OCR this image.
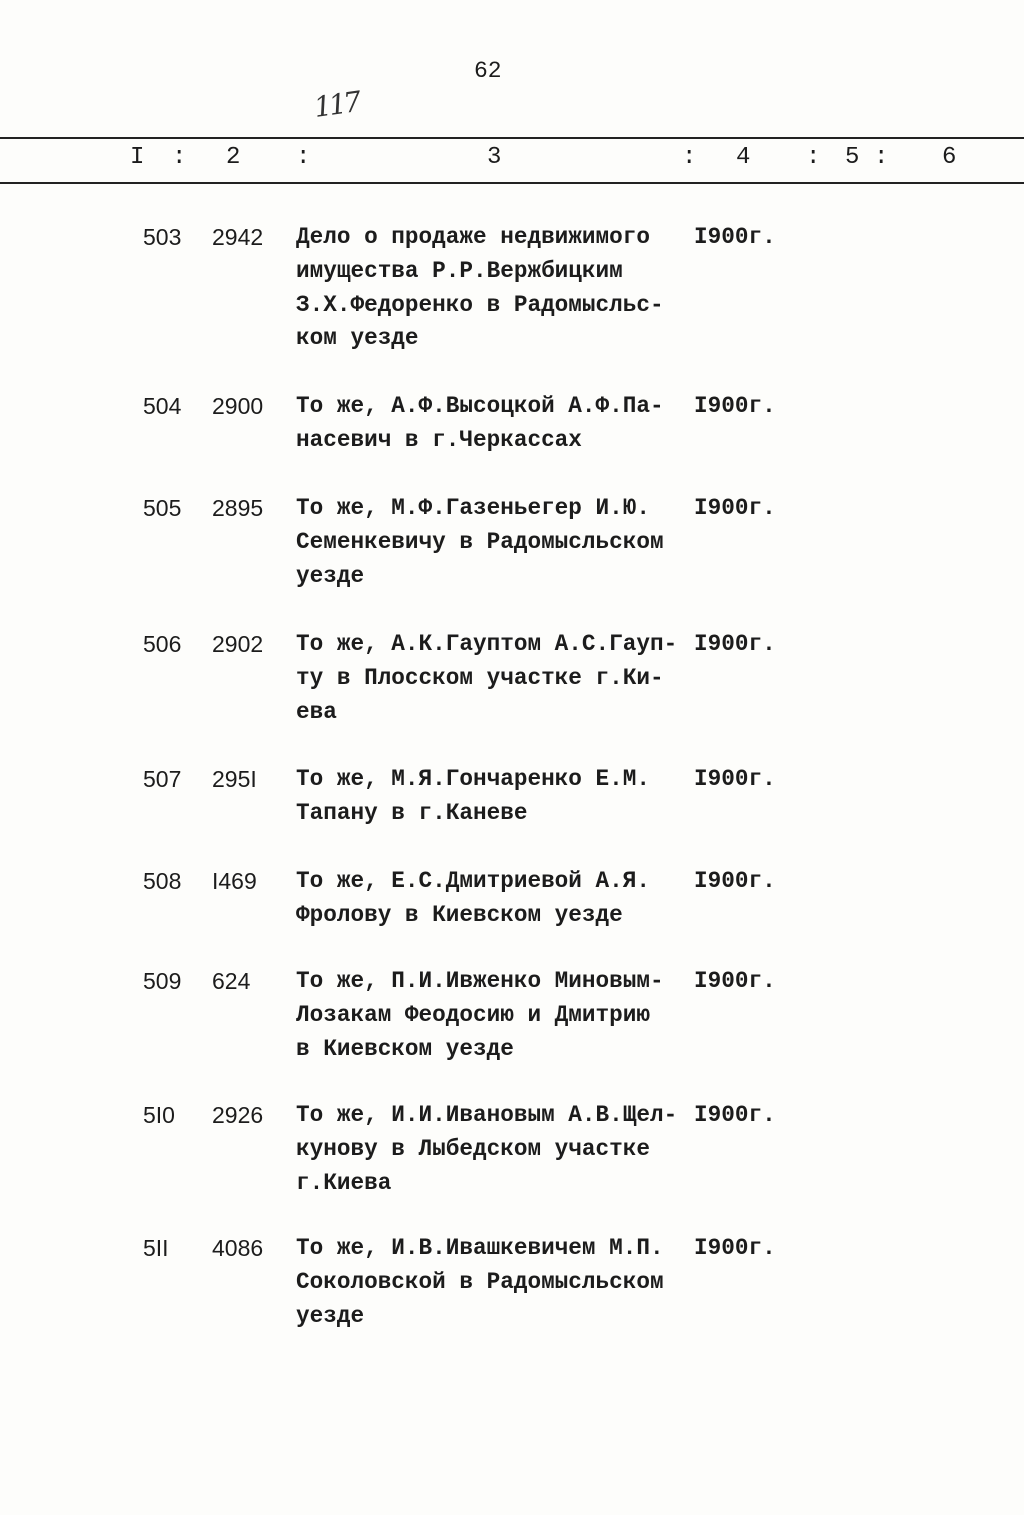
62
117
I : 2 :	3	: 4 : 5 : 6
503 2942 Дело о продаже недвижимого
имущества Р.Р.Вержбицким
З.Х.Федоренко в Радомысльс-
ком уезде
I900г.
504 2900 То же, А.Ф.Высоцкой А.Ф.Па-
насевич в г.Черкассах
I900г.
505 2895 То же, М.Ф.Газеньегер И.Ю.
Семенкевичу в Радомысльском
уезде
I900г.
506 2902 То же, А.К.Гауптом А.С.Гауп-
ту в Плосском участке г.Ки-
ева
I900г.
507 295I То же, М.Я.Гончаренко Е.М.
Тапану в г.Каневе
I900г.
508 I469 То же, Е.С.Дмитриевой А.Я.
Фролову в Киевском уезде
I900г.
509 624 То же, П.И.Ивженко Миновым-
Лозакам Феодосию и Дмитрию
в Киевском уезде
I900г.
5I0 2926 То же, И.И.Ивановым А.В.Щел-
кунову в Лыбедском участке
г.Киева
I900г.
5II 4086 То же, И.В.Ивашкевичем М.П.
Соколовской в Радомысльском
уезде
I900г.
